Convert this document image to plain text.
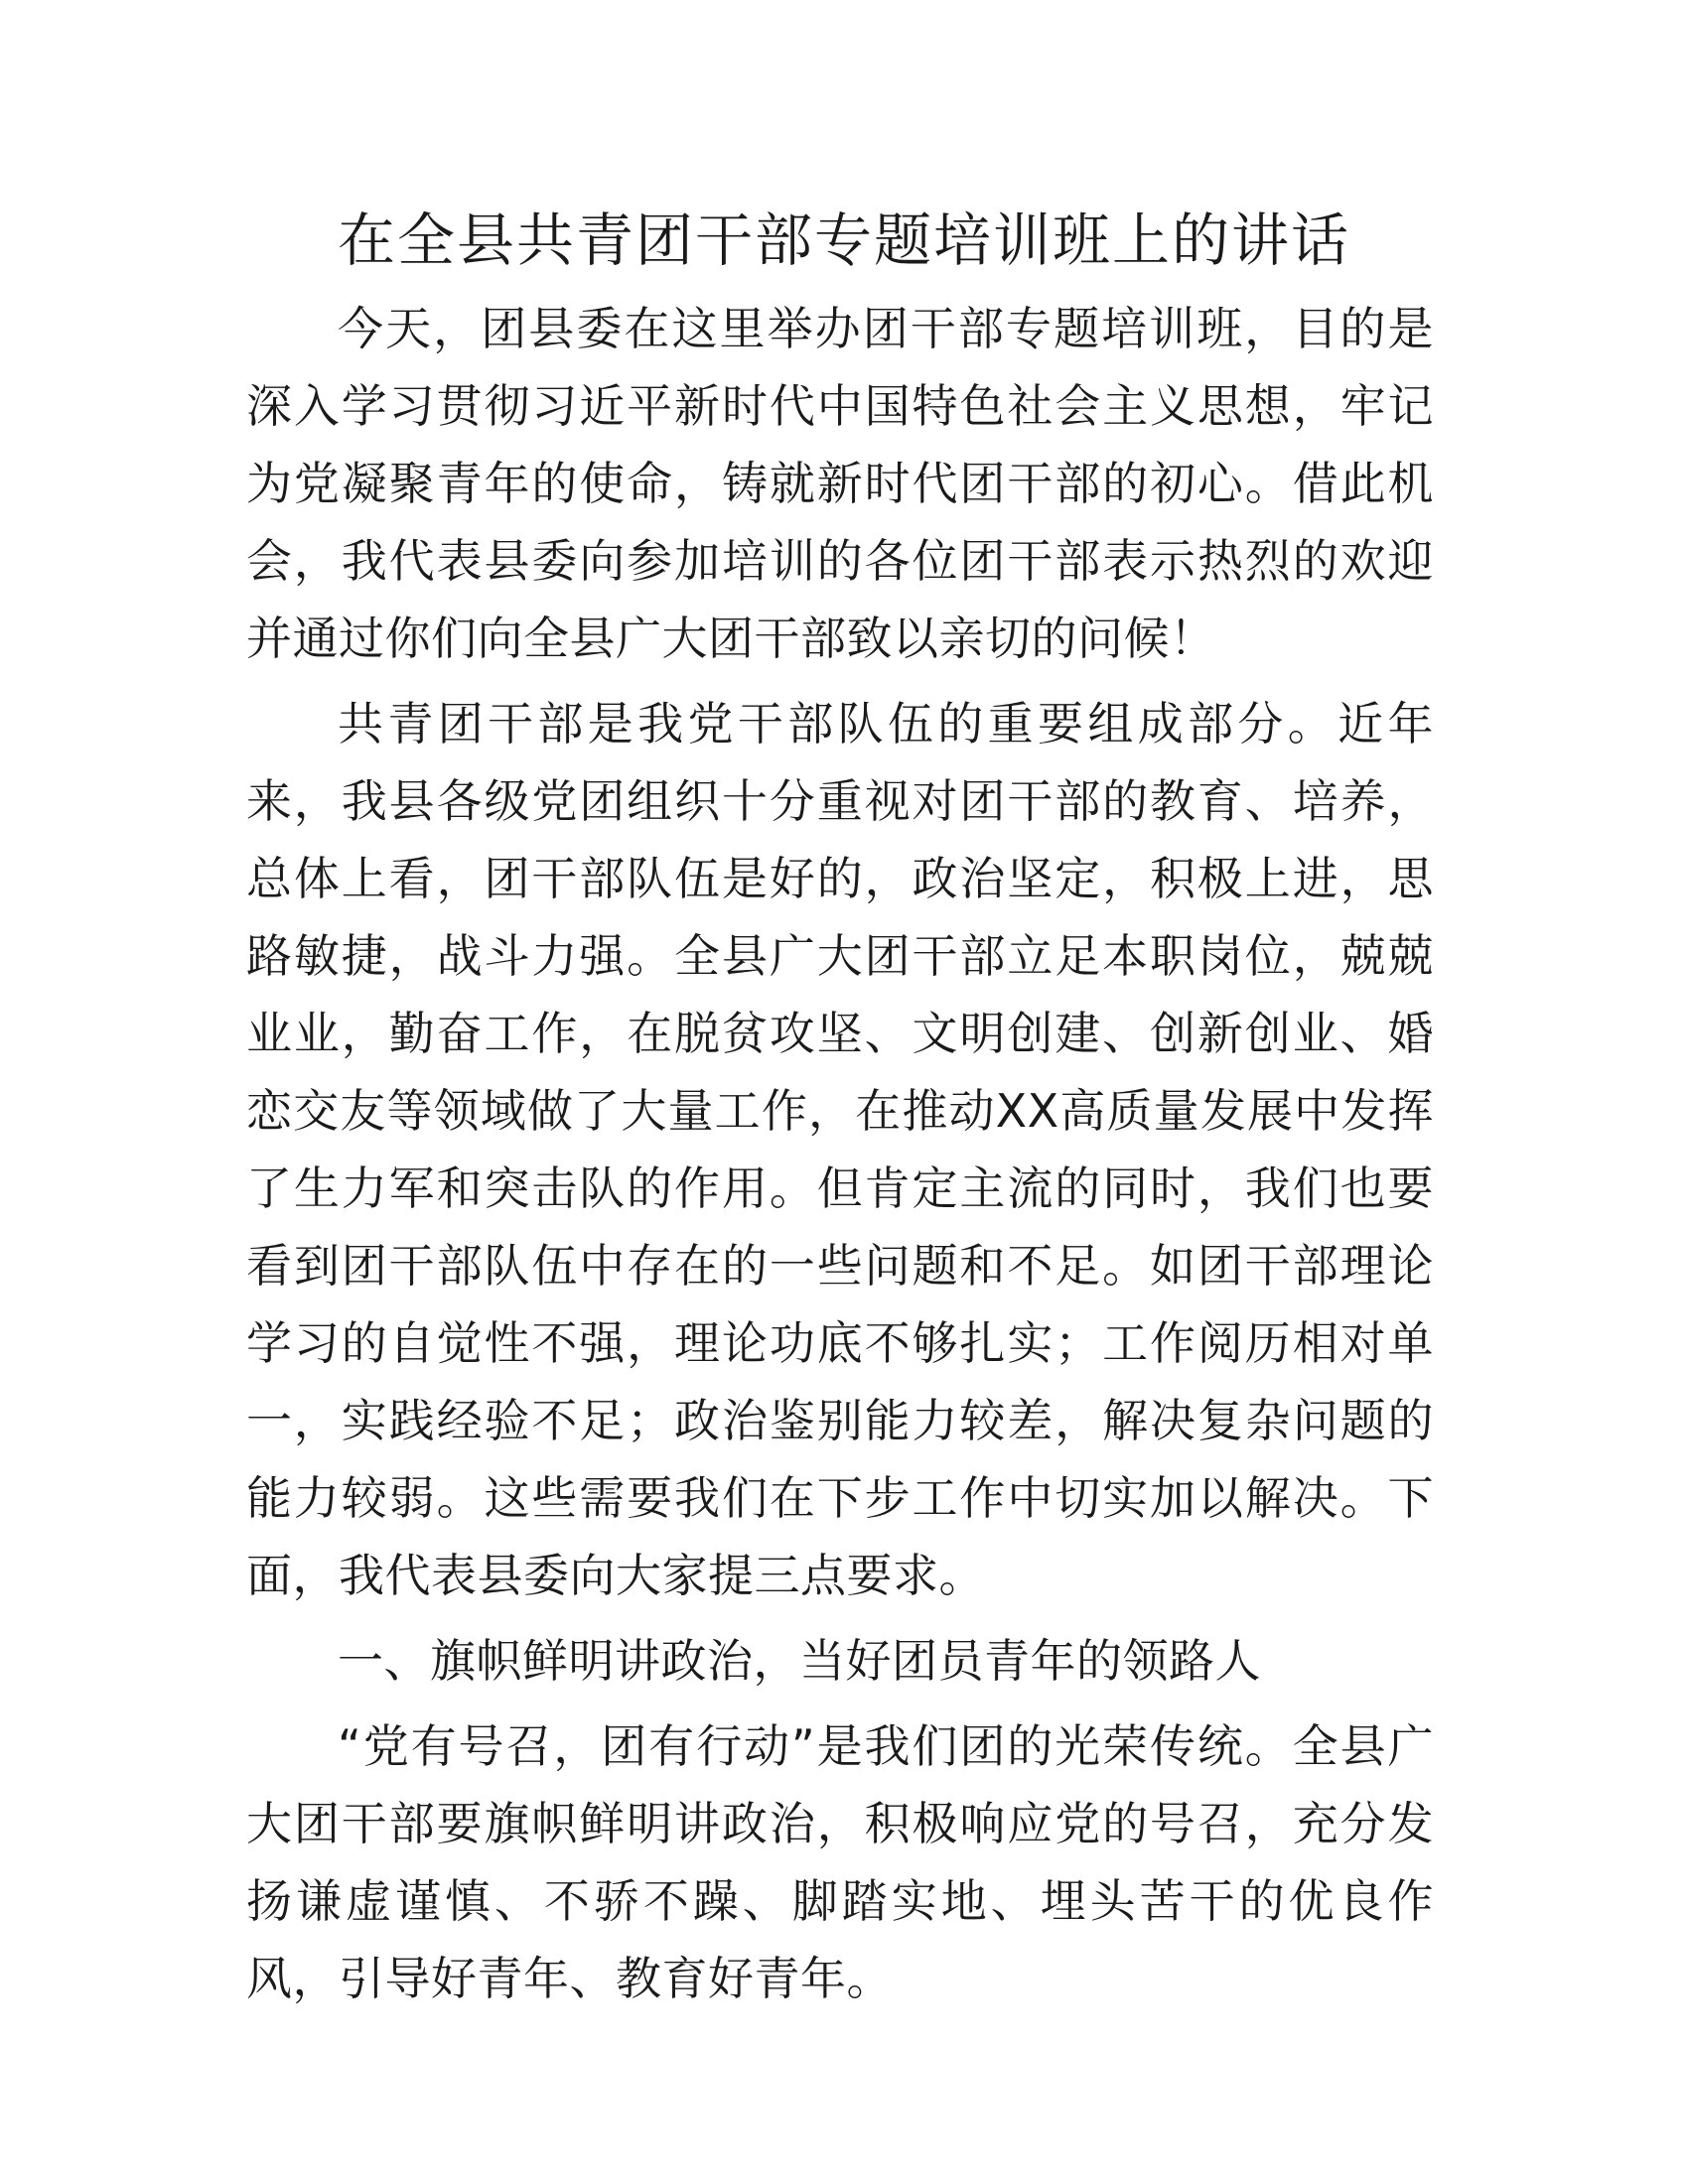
在全县共青团干部专题培训班上的讲话

今天，团县委在这里举办团干部专题培训班，目的是深入学习贯彻习近平新时代中国特色社会主义思想，牢记为党凝聚青年的使命，铸就新时代团干部的初心。借此机会，我代表县委向参加培训的各位团干部表示热烈的欢迎并通过你们向全县广大团干部致以亲切的问候！

共青团干部是我党干部队伍的重要组成部分。近年来，我县各级党团组织十分重视对团干部的教育、培养，总体上看，团干部队伍是好的，政治坚定，积极上进，思路敏捷，战斗力强。全县广大团干部立足本职岗位，兢兢业业，勤奋工作，在脱贫攻坚、文明创建、创新创业、婚恋交友等领域做了大量工作，在推动XX高质量发展中发挥了生力军和突击队的作用。但肯定主流的同时，我们也要看到团干部队伍中存在的一些问题和不足。如团干部理论学习的自觉性不强，理论功底不够扎实；工作阅历相对单一，实践经验不足；政治鉴别能力较差，解决复杂问题的能力较弱。这些需要我们在下步工作中切实加以解决。下面，我代表县委向大家提三点要求。

一、旗帜鲜明讲政治，当好团员青年的领路人

“党有号召，团有行动”是我们团的光荣传统。全县广大团干部要旗帜鲜明讲政治，积极响应党的号召，充分发扬谦虚谨慎、不骄不躁、脚踏实地、埋头苦干的优良作风，引导好青年、教育好青年。
